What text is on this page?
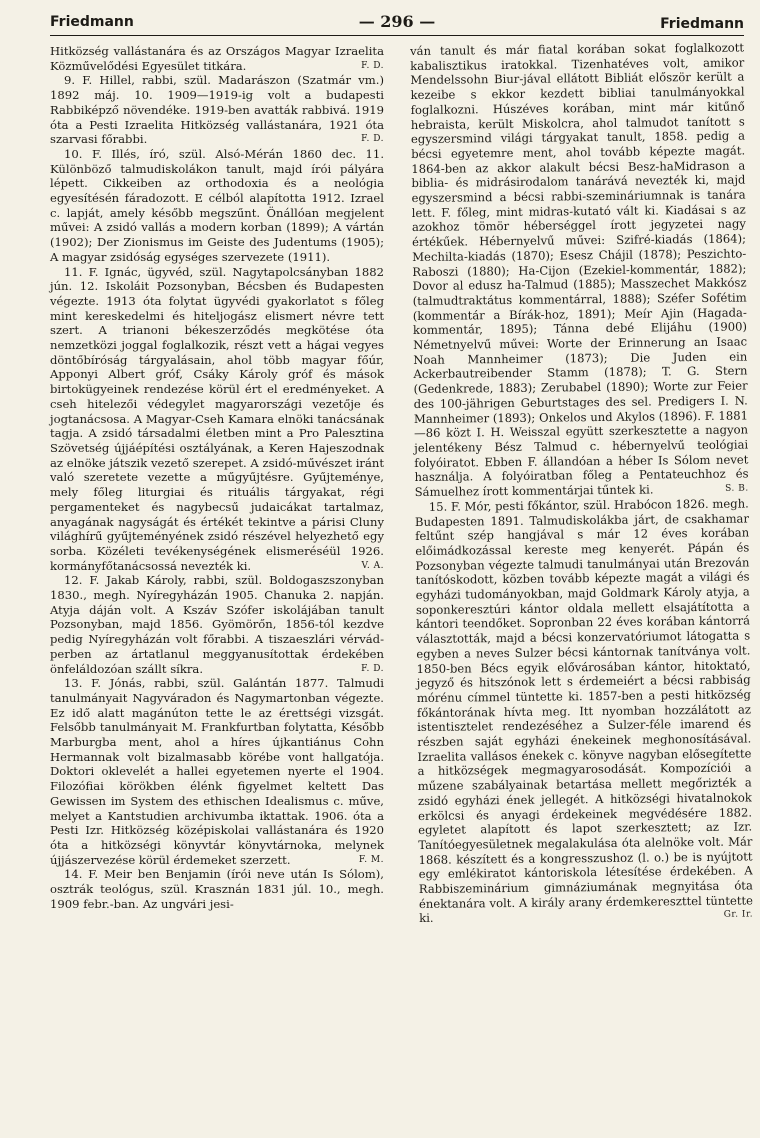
Friedmann	— 296 —	Friedmann

Hitközség vallástanára és az Országos Magyar Izraelita Közművelődési Egyesület titkára.	F. D.

9. F. Hillel, rabbi, szül. Madarászon (Szatmár vm.) 1892 máj. 10. 1909—1919-ig volt a budapesti Rabbiképző növendéke. 1919-ben avatták rabbivá. 1919 óta a Pesti Izraelita Hitközség vallástanára, 1921 óta szarvasi főrabbi.	F. D.

10. F. Illés, író, szül. Alsó-Mérán 1860 dec. 11. Különböző talmudiskolákon tanult, majd írói pályára lépett. Cikkeiben az orthodoxia és a neológia egyesítésén fáradozott. E célból alapította 1912. Izrael c. lapját, amely később megszűnt. Önállóan megjelent művei: A zsidó vallás a modern korban (1899); A vártán (1902); Der Zionismus im Geiste des Judentums (1905); A magyar zsidóság egységes szervezete (1911).

11. F. Ignác, ügyvéd, szül. Nagytapolcsányban 1882 jún. 12. Iskoláit Pozsonyban, Bécsben és Budapesten végezte. 1913 óta folytat ügyvédi gyakorlatot s főleg mint kereskedelmi és hiteljogász elismert névre tett szert. A trianoni békeszerződés megkötése óta nemzetközi joggal foglalkozik, részt vett a hágai vegyes döntőbíróság tárgyalásain, ahol több magyar főúr, Apponyi Albert gróf, Csáky Károly gróf és mások birtokügyeinek rendezése körül ért el eredményeket. A cseh hitelezői védegylet magyarországi vezetője és jogtanácsosa. A Magyar-Cseh Kamara elnöki tanácsának tagja. A zsidó társadalmi életben mint a Pro Palesztina Szövetség újjáépítési osztályának, a Keren Hajeszodnak az elnöke játszik vezető szerepet. A zsidó-művészet iránt való szeretete vezette a műgyűjtésre. Gyűjteménye, mely főleg liturgiai és rituális tárgyakat, régi pergamenteket és nagybecsű judaicákat tartalmaz, anyagának nagyságát és értékét tekintve a párisi Cluny világhírű gyűjteményének zsidó részével helyezhető egy sorba. Közéleti tevékenységének elismeréséül 1926. kormányfőtanácsossá nevezték ki.	V. A.

12. F. Jakab Károly, rabbi, szül. Boldogaszszonyban 1830., megh. Nyíregyházán 1905. Chanuka 2. napján. Atyja dáján volt. A Kszáv Szófer iskolájában tanult Pozsonyban, majd 1856. Gyömörőn, 1856-tól kezdve pedig Nyíregyházán volt főrabbi. A tiszaeszlári vérvád-perben az ártatlanul meggyanusítottak érdekében önfeláldozóan szállt síkra.	F. D.

13. F. Jónás, rabbi, szül. Galántán 1877. Talmudi tanulmányait Nagyváradon és Nagymartonban végezte. Ez idő alatt magánúton tette le az érettségi vizsgát. Felsőbb tanulmányait M. Frankfurtban folytatta, Később Marburgba ment, ahol a híres újkantiánus Cohn Hermannak volt bizalmasabb körébe vont hallgatója. Doktori oklevelét a hallei egyetemen nyerte el 1904. Filozófiai körökben élénk figyelmet keltett Das Gewissen im System des ethischen Idealismus c. műve, melyet a Kantstudien archivumba iktattak. 1906. óta a Pesti Izr. Hitközség középiskolai vallástanára és 1920 óta a hitközségi könyvtár könyvtárnoka, melynek újjászervezése körül érdemeket szerzett.	F. M.

14. F. Meir ben Benjamin (írói neve után Is Sólom), osztrák teológus, szül. Krasznán 1831 júl. 10., megh. 1909 febr.-ban. Az ungvári jesi-

ván tanult és már fiatal korában sokat foglalkozott kabalisztikus iratokkal. Tizenhatéves volt, amikor Mendelssohn Biur-jával ellátott Bibliát először került a kezeibe s ekkor kezdett bibliai tanulmányokkal foglalkozni. Húszéves korában, mint már kitűnő hebraista, került Miskolcra, ahol talmudot tanított s egyszersmind világi tárgyakat tanult, 1858. pedig a bécsi egyetemre ment, ahol tovább képezte magát. 1864-ben az akkor alakult bécsi Besz-haMidrason a biblia- és midrásirodalom tanárává nevezték ki, majd egyszersmind a bécsi rabbi-szemináriumnak is tanára lett. F. főleg, mint midras-kutató vált ki. Kiadásai s az azokhoz tömör héberséggel írott jegyzetei nagy értékűek. Hébernyelvű művei: Szifré-kiadás (1864); Mechilta-kiadás (1870); Esesz Chájil (1878); Peszichto-Raboszi (1880); Ha-Cijon (Ezekiel-kommentár, 1882); Dovor al edusz ha-Talmud (1885); Masszechet Makkósz (talmudtraktátus kommentárral, 1888); Széfer Sofétim (kommentár a Bírák-hoz, 1891); Meír Ajin (Hagada-kommentár, 1895); Tánna debé Elijáhu (1900) Németnyelvű művei: Worte der Erinnerung an Isaac Noah Mannheimer (1873); Die Juden ein Ackerbautreibender Stamm (1878); T. G. Stern (Gedenkrede, 1883); Zerubabel (1890); Worte zur Feier des 100-jährigen Geburtstages des sel. Predigers I. N. Mannheimer (1893); Onkelos und Akylos (1896). F. 1881—86 közt I. H. Weisszal együtt szerkesztette a nagyon jelentékeny Bész Talmud c. hébernyelvű teológiai folyóiratot. Ebben F. állandóan a héber Is Sólom nevet használja. A folyóiratban főleg a Pentateuchhoz és Sámuelhez írott kommentárjai tűntek ki.	S. B.

15. F. Mór, pesti főkántor, szül. Hrabócon 1826. megh. Budapesten 1891. Talmudiskolákba járt, de csakhamar feltűnt szép hangjával s már 12 éves korában előimádkozással kereste meg kenyerét. Pápán és Pozsonyban végezte talmudi tanulmányai után Brezován tanítóskodott, közben tovább képezte magát a világi és egyházi tudományokban, majd Goldmark Károly atyja, a soponkeresztúri kántor oldala mellett elsajátította a kántori teendőket. Sopronban 22 éves korában kántorrá választották, majd a bécsi konzervatóriumot látogatta s egyben a neves Sulzer bécsi kántornak tanítványa volt. 1850-ben Bécs egyik elővárosában kántor, hitoktató, jegyző és hitszónok lett s érdemeiért a bécsi rabbiság mórénu címmel tüntette ki. 1857-ben a pesti hitközség főkántorának hívta meg. Itt nyomban hozzálátott az istentisztelet rendezéséhez a Sulzer-féle imarend és részben saját egyházi énekeinek meghonosításával. Izraelita vallásos énekek c. könyve nagyban elősegítette a hitközségek megmagyarosodását. Kompozíciói a műzene szabályainak betartása mellett megőrizték a zsidó egyházi ének jellegét. A hitközségi hivatalnokok erkölcsi és anyagi érdekeinek megvédésére 1882. egyletet alapított és lapot szerkesztett; az Izr. Tanítóegyesületnek megalakulása óta alelnöke volt. Már 1868. készített és a kongresszushoz (l. o.) be is nyújtott egy emlékiratot kántoriskola létesítése érdekében. A Rabbiszeminárium gimnáziumának megnyitása óta énektanára volt. A király arany érdemkereszttel tüntette ki.	Gr. Ir.
